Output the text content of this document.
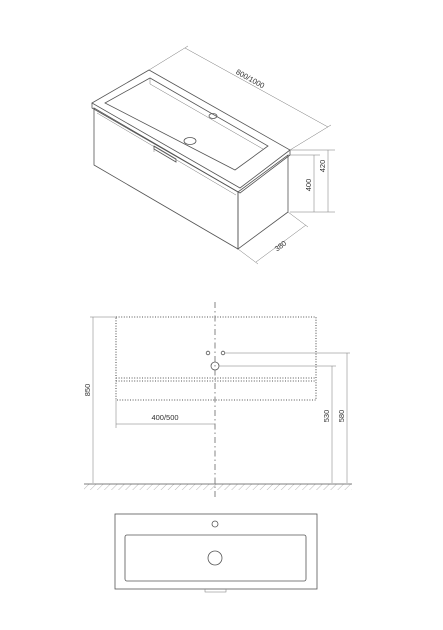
800/1000
400
420
380
850
530 580
400/500
